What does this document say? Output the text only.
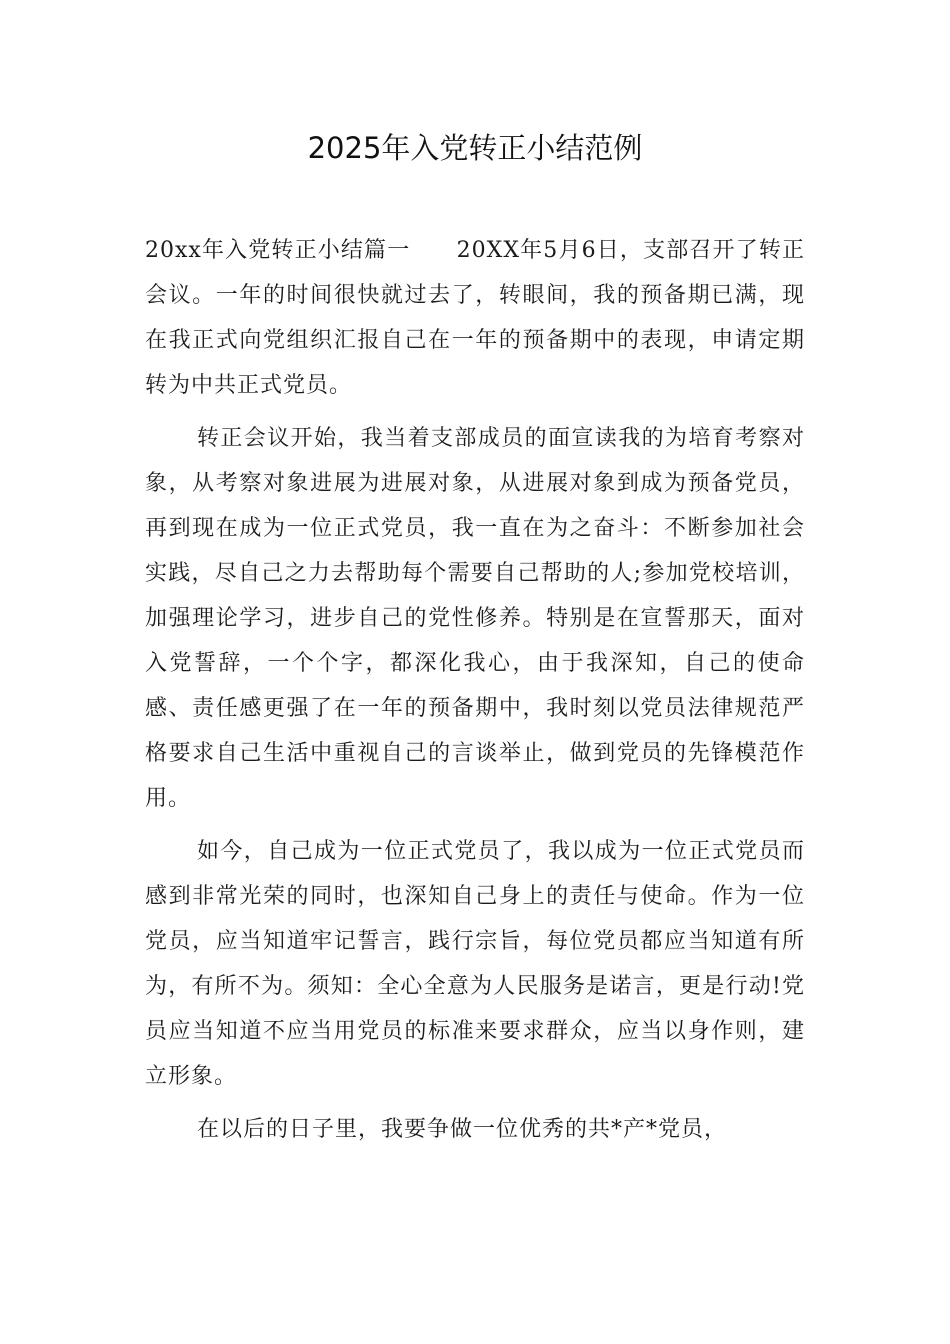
2025年入党转正小结范例

20xx年入党转正小结篇一　　20XX年5月6日，支部召开了转正会议。一年的时间很快就过去了，转眼间，我的预备期已满，现在我正式向党组织汇报自己在一年的预备期中的表现，申请定期转为中共正式党员。

转正会议开始，我当着支部成员的面宣读我的为培育考察对象，从考察对象进展为进展对象，从进展对象到成为预备党员，再到现在成为一位正式党员，我一直在为之奋斗：不断参加社会实践，尽自己之力去帮助每个需要自己帮助的人;参加党校培训，加强理论学习，进步自己的党性修养。特别是在宣誓那天，面对入党誓辞，一个个字，都深化我心，由于我深知，自己的使命感、责任感更强了在一年的预备期中，我时刻以党员法律规范严格要求自己生活中重视自己的言谈举止，做到党员的先锋模范作用。

如今，自己成为一位正式党员了，我以成为一位正式党员而感到非常光荣的同时，也深知自己身上的责任与使命。作为一位党员，应当知道牢记誓言，践行宗旨，每位党员都应当知道有所为，有所不为。须知：全心全意为人民服务是诺言，更是行动!党员应当知道不应当用党员的标准来要求群众，应当以身作则，建立形象。

在以后的日子里，我要争做一位优秀的共*产*党员，
